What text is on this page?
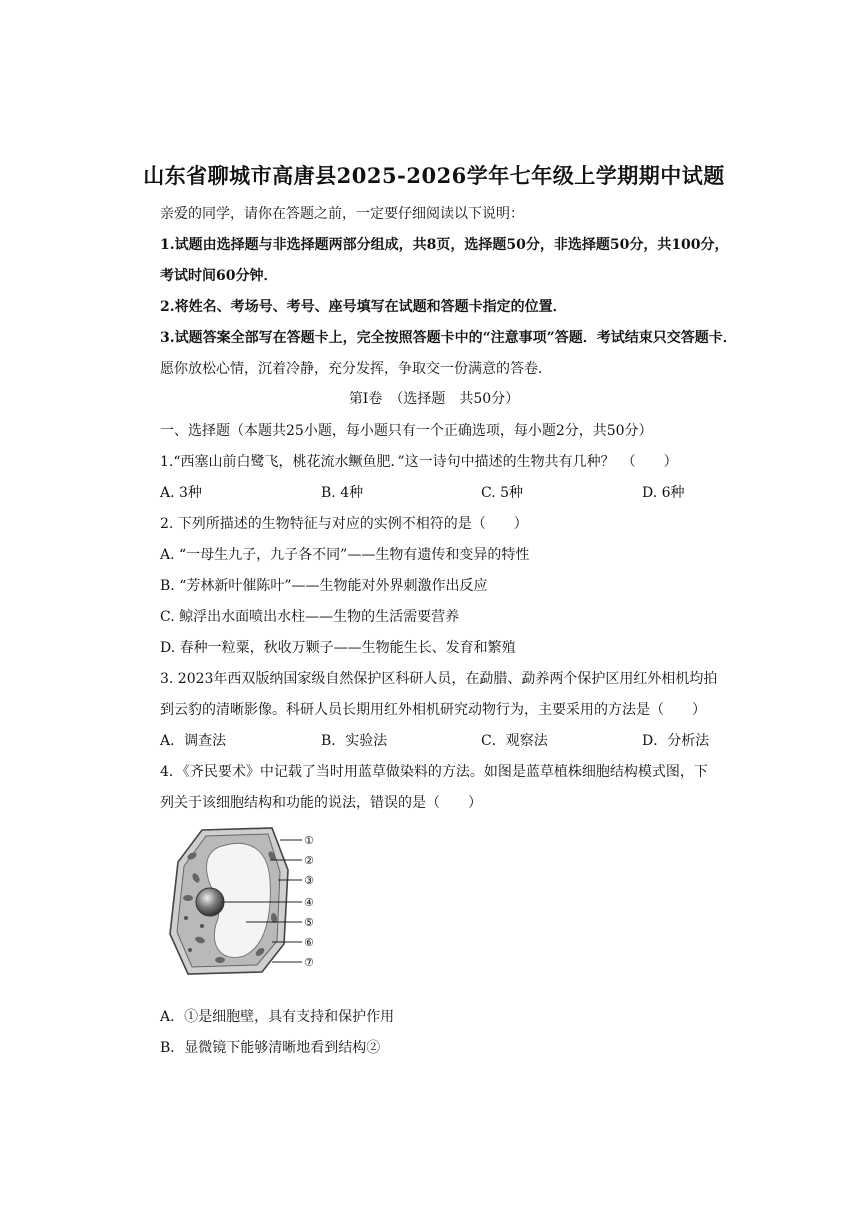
山东省聊城市高唐县2025-2026学年七年级上学期期中试题
亲爱的同学，请你在答题之前，一定要仔细阅读以下说明：
1.试题由选择题与非选择题两部分组成，共8页，选择题50分，非选择题50分，共100分，
考试时间60分钟．
2.将姓名、考场号、考号、座号填写在试题和答题卡指定的位置．
3.试题答案全部写在答题卡上，完全按照答题卡中的“注意事项”答题．考试结束只交答题卡．
愿你放松心情，沉着冷静，充分发挥，争取交一份满意的答卷．
第Ⅰ卷　（选择题　共50分）
一、选择题（本题共25小题，每小题只有一个正确选项，每小题2分，共50分）
1.“西塞山前白鹭飞，桃花流水鳜鱼肥．”这一诗句中描述的生物共有几种？　（　　）
A. 3种	B. 4种	C. 5种	D. 6种
2. 下列所描述的生物特征与对应的实例不相符的是（　　）
A. “一母生九子，九子各不同”——生物有遗传和变异的特性
B. “芳林新叶催陈叶”——生物能对外界刺激作出反应
C. 鲸浮出水面喷出水柱——生物的生活需要营养
D. 春种一粒粟，秋收万颗子——生物能生长、发育和繁殖
3. 2023年西双版纳国家级自然保护区科研人员，在勐腊、勐养两个保护区用红外相机均拍
到云豹的清晰影像。科研人员长期用红外相机研究动物行为，主要采用的方法是（　　）
A．调查法	B．实验法	C．观察法	D．分析法
4．《齐民要术》中记载了当时用蓝草做染料的方法。如图是蓝草植株细胞结构模式图，下
列关于该细胞结构和功能的说法，错误的是（　　）
①
②
③
④
⑤
⑥
⑦
A．①是细胞壁，具有支持和保护作用
B．显微镜下能够清晰地看到结构②
